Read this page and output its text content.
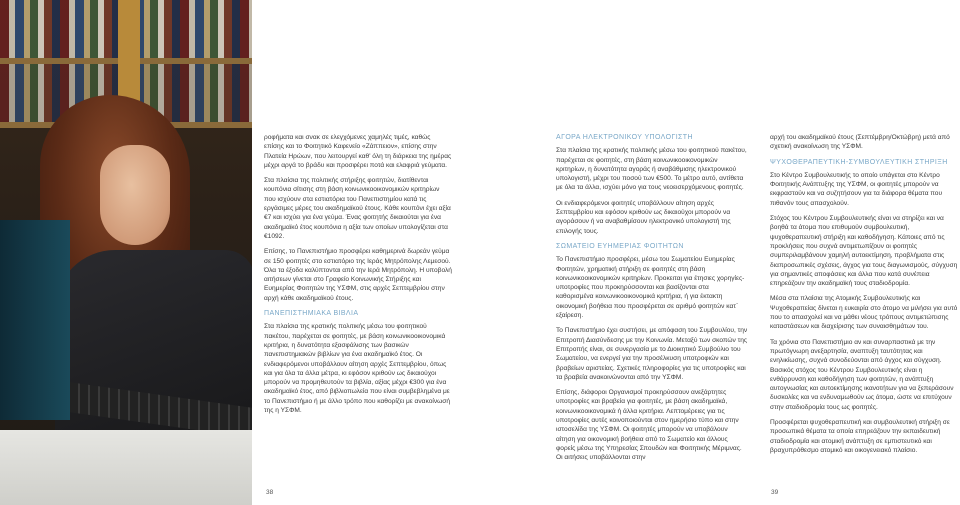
ροφήματα και σνακ σε ελεγχόμενες χαμηλές τιμές, καθώς επίσης και το Φοιτητικό Καφενείο «Ζάππειον», επίσης στην Πλατεία Ηρώων, που λειτουργεί καθ' όλη τη διάρκεια της ημέρας μέχρι αργά το βράδυ και προσφέρει ποτά και ελαφριά γεύματα.

Στα πλαίσια της πολιτικής στήριξης φοιτητών, διατίθενται κουπόνια σίτισης στη βάση κοινωνικοοικονομικών κριτηρίων που ισχύουν στα εστιατόρια του Πανεπιστημίου κατά τις εργάσιμες μέρες του ακαδημαϊκού έτους. Κάθε κουπόνι έχει αξία €7 και ισχύει για ένα γεύμα. Ένας φοιτητής δικαιούται για ένα ακαδημαϊκό έτος κουπόνια η αξία των οποίων υπολογίζεται στα €1092.

Επίσης, το Πανεπιστήμιο προσφέρει καθημερινά δωρεάν γεύμα σε 150 φοιτητές στο εστιατόριο της Ιεράς Μητρόπολης Λεμεσού. Όλα τα έξοδα καλύπτονται από την Ιερά Μητρόπολη. Η υποβολή αιτήσεων γίνεται στο Γραφείο Κοινωνικής Στήριξης και Ευημερίας Φοιτητών της ΥΣΦΜ, στις αρχές Σεπτεμβρίου στην αρχή κάθε ακαδημαϊκού έτους.

ΠΑΝΕΠΙΣΤΗΜΙΑΚΑ ΒΙΒΛΙΑ

Στα πλαίσια της κρατικής πολιτικής μέσω του φοιτητικού πακέτου, παρέχεται σε φοιτητές, με βάση κοινωνικοοικονομικά κριτήρια, η δυνατότητα εξασφάλισης των βασικών πανεπιστημιακών βιβλίων για ένα ακαδημαϊκό έτος. Οι ενδιαφερόμενοι υποβάλλουν αίτηση αρχές Σεπτεμβρίου, όπως και για όλα τα άλλα μέτρα, κι εφόσον κριθούν ως δικαιούχοι μπορούν να προμηθευτούν τα βιβλία, αξίας μέχρι €300 για ένα ακαδημαϊκό έτος, από βιβλιοπωλεία που είναι συμβεβλημένα με το Πανεπιστήμιο ή με άλλο τρόπο που καθορίζει με ανακοίνωσή της η ΥΣΦΜ.

ΑΓΟΡΑ ΗΛΕΚΤΡΟΝΙΚΟΥ ΥΠΟΛΟΓΙΣΤΗ

Στα πλαίσια της κρατικής πολιτικής μέσω του φοιτητικού πακέτου, παρέχεται σε φοιτητές, στη βάση κοινωνικοοικονομικών κριτηρίων, η δυνατότητα αγοράς ή αναβάθμισης ηλεκτρονικού υπολογιστή, μέχρι του ποσού των €500. Το μέτρο αυτό, αντίθετα με όλα τα άλλα, ισχύει μόνο για τους νεοεισερχόμενους φοιτητές.

Οι ενδιαφερόμενοι φοιτητές υποβάλλουν αίτηση αρχές Σεπτεμβρίου και εφόσον κριθούν ως δικαιούχοι μπορούν να αγοράσουν ή να αναβαθμίσουν ηλεκτρονικό υπολογιστή της επιλογής τους.

ΣΩΜΑΤΕΙΟ ΕΥΗΜΕΡΙΑΣ ΦΟΙΤΗΤΩΝ

Το Πανεπιστήμιο προσφέρει, μέσω του Σωματείου Ευημερίας Φοιτητών, χρηματική στήριξη σε φοιτητές στη βάση κοινωνικοοικονομικών κριτηρίων. Προκειται για έτησιες χορηγίες-υποτροφίες που προκηρύσσονται και βασίζονται στα καθορισμένα κοινωνικοοικονομικά κριτήρια, ή για έκτακτη οικονομική βοήθεια που προσφέρεται σε αριθμό φοιτητών κατ΄ εξαίρεση.

Το Πανεπιστήμιο έχει συστήσει, με απόφαση του Συμβουλίου, την Επιτροπή Διασύνδεσης με την Κοινωνία. Μεταξύ των σκοπών της Επιτροπής είναι, σε συνεργασία με το Διοικητικό Συμβούλιο του Σωματείου, να ενεργεί για την προσέλκυση υποτροφιών και βραβείων αριστείας. Σχετικές πληροφορίες για τις υποτροφίες και τα βραβεία ανακοινώνονται από την ΥΣΦΜ.

Επίσης, διάφοροι Οργανισμοί προκηρύσσουν ανεξάρτητες υποτροφίες και βραβεία για φοιτητές, με βάση ακαδημαϊκά, κοινωνικοοικονομικά ή άλλα κριτήρια. Λεπτομέρειες για τις υποτροφίες αυτές κοινοποιούνται στον ημερήσιο τύπο και στην ιστοσελίδα της ΥΣΦΜ. Οι φοιτητές μπορούν να υποβάλουν αίτηση για οικονομική βοήθεια από το Σωματείο και άλλους φορείς μέσω της Υπηρεσίας Σπουδών και Φοιτητικής Μέριμνας. Οι αιτήσεις υποβάλλονται στην

αρχή του ακαδημαϊκού έτους (Σεπτέμβρη/Οκτώβρη) μετά από σχετική ανακοίνωση της ΥΣΦΜ.

ΨΥΧΟΘΕΡΑΠΕΥΤΙΚΗ-ΣΥΜΒΟΥΛΕΥΤΙΚΗ ΣΤΗΡΙΞΗ

Στο Κέντρο Συμβουλευτικής το οποίο υπάγεται στο Κέντρο Φοιτητικής Ανάπτυξης της ΥΣΦΜ, οι φοιτητές μπορούν να εκφραστούν και να συζητήσουν για τα διάφορα θέματα που πιθανόν τους απασχολούν.

Στόχος του Κέντρου Συμβουλευτικής είναι να στηρίζει και να βοηθά τα άτομα που επιθυμούν συμβουλευτική, ψυχοθεραπευτική στήριξη και καθοδήγηση. Κάποιες από τις προκλήσεις που συχνά αντιμετωπίζουν οι φοιτητές συμπεριλαμβάνουν χαμηλή αυτοεκτίμηση, προβλήματα στις διαπροσωπικές σχέσεις, άγχος για τους διαγωνισμούς, σύγχυση για σημαντικές αποφάσεις και άλλα που κατά συνέπεια επηρεάζουν την ακαδημαϊκή τους σταδιοδρομία.

Μέσα στα πλαίσια της Ατομικής Συμβουλευτικής και Ψυχοθεραπείας δίνεται η ευκαιρία στο άτομο να μιλήσει για αυτό που το απασχολεί και να μάθει νέους τρόπους αντιμετώπισης καταστάσεων και διαχείρισης των συναισθημάτων του.

Τα χρόνια στο Πανεπιστήμιο αν και συναρπαστικά με την πρωτόγνωρη ανεξαρτησία, αναπτυξη ταυτότητας και ενηλικίωσης, συχνά συνοδεύονται από άγχος και σύγχυση. Βασικός στόχος του Κέντρου Συμβουλευτικής είναι η ενθάρρυνση και καθοδήγηση των φοιτητών, η ανάπτυξη αυτογνωσίας και αυτοεκτίμησης ικανοτήτων για να ξεπεράσουν δυσκολίες και να ενδυναμωθούν ως άτομα, ώστε να επιτύχουν στην σταδιοδρομία τους ως φοιτητές.

Προσφέρεται ψυχοθεραπευτική και συμβουλευτική στήριξη σε προσωπικά θέματα τα οποία επηρεάζουν την εκπαιδευτική σταδιοδρομία και ατομική ανάπτυξη σε εμπιστευτικό και βραχυπρόθεσμο ατομικό και οικογενειακό πλαίσιο.

38	39
